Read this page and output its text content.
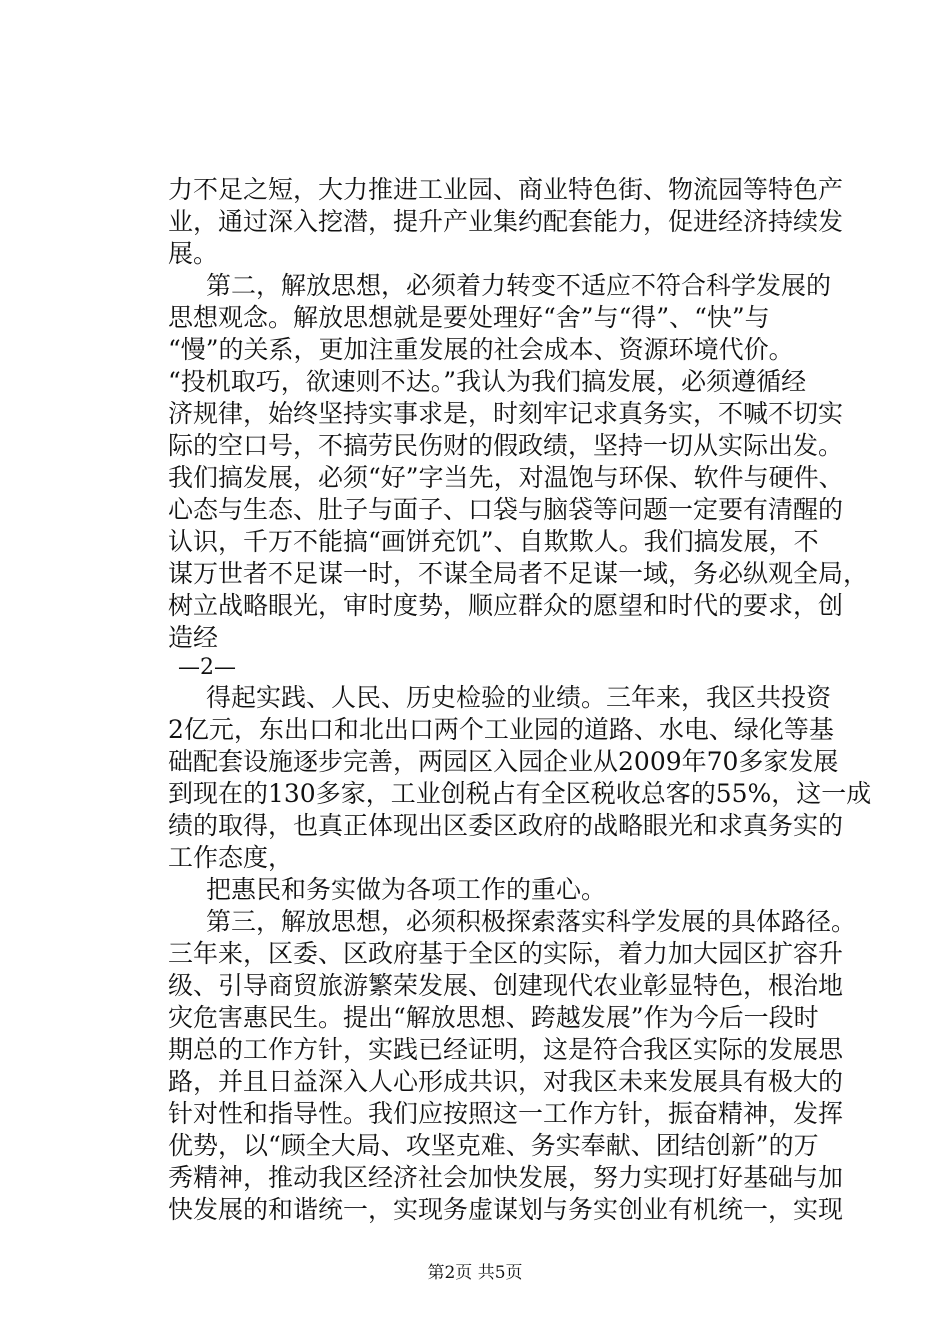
力不足之短，大力推进工业园、商业特色街、物流园等特色产
业，通过深入挖潜，提升产业集约配套能力，促进经济持续发
展。
第二，解放思想，必须着力转变不适应不符合科学发展的
思想观念。解放思想就是要处理好“舍”与“得”、“快”与
“慢”的关系，更加注重发展的社会成本、资源环境代价。
“投机取巧，欲速则不达。”我认为我们搞发展，必须遵循经
济规律，始终坚持实事求是，时刻牢记求真务实，不喊不切实
际的空口号，不搞劳民伤财的假政绩，坚持一切从实际出发。
我们搞发展，必须“好”字当先，对温饱与环保、软件与硬件、
心态与生态、肚子与面子、口袋与脑袋等问题一定要有清醒的
认识，千万不能搞“画饼充饥”、自欺欺人。我们搞发展，不
谋万世者不足谋一时，不谋全局者不足谋一域，务必纵观全局，
树立战略眼光，审时度势，顺应群众的愿望和时代的要求，创
造经
—2—
得起实践、人民、历史检验的业绩。三年来，我区共投资
2亿元，东出口和北出口两个工业园的道路、水电、绿化等基
础配套设施逐步完善，两园区入园企业从2009年70多家发展
到现在的130多家，工业创税占有全区税收总客的55%，这一成
绩的取得，也真正体现出区委区政府的战略眼光和求真务实的
工作态度，
把惠民和务实做为各项工作的重心。
第三，解放思想，必须积极探索落实科学发展的具体路径。
三年来，区委、区政府基于全区的实际，着力加大园区扩容升
级、引导商贸旅游繁荣发展、创建现代农业彰显特色，根治地
灾危害惠民生。提出“解放思想、跨越发展”作为今后一段时
期总的工作方针，实践已经证明，这是符合我区实际的发展思
路，并且日益深入人心形成共识，对我区未来发展具有极大的
针对性和指导性。我们应按照这一工作方针，振奋精神，发挥
优势，以“顾全大局、攻坚克难、务实奉献、团结创新”的万
秀精神，推动我区经济社会加快发展，努力实现打好基础与加
快发展的和谐统一，实现务虚谋划与务实创业有机统一，实现
第2页 共5页
